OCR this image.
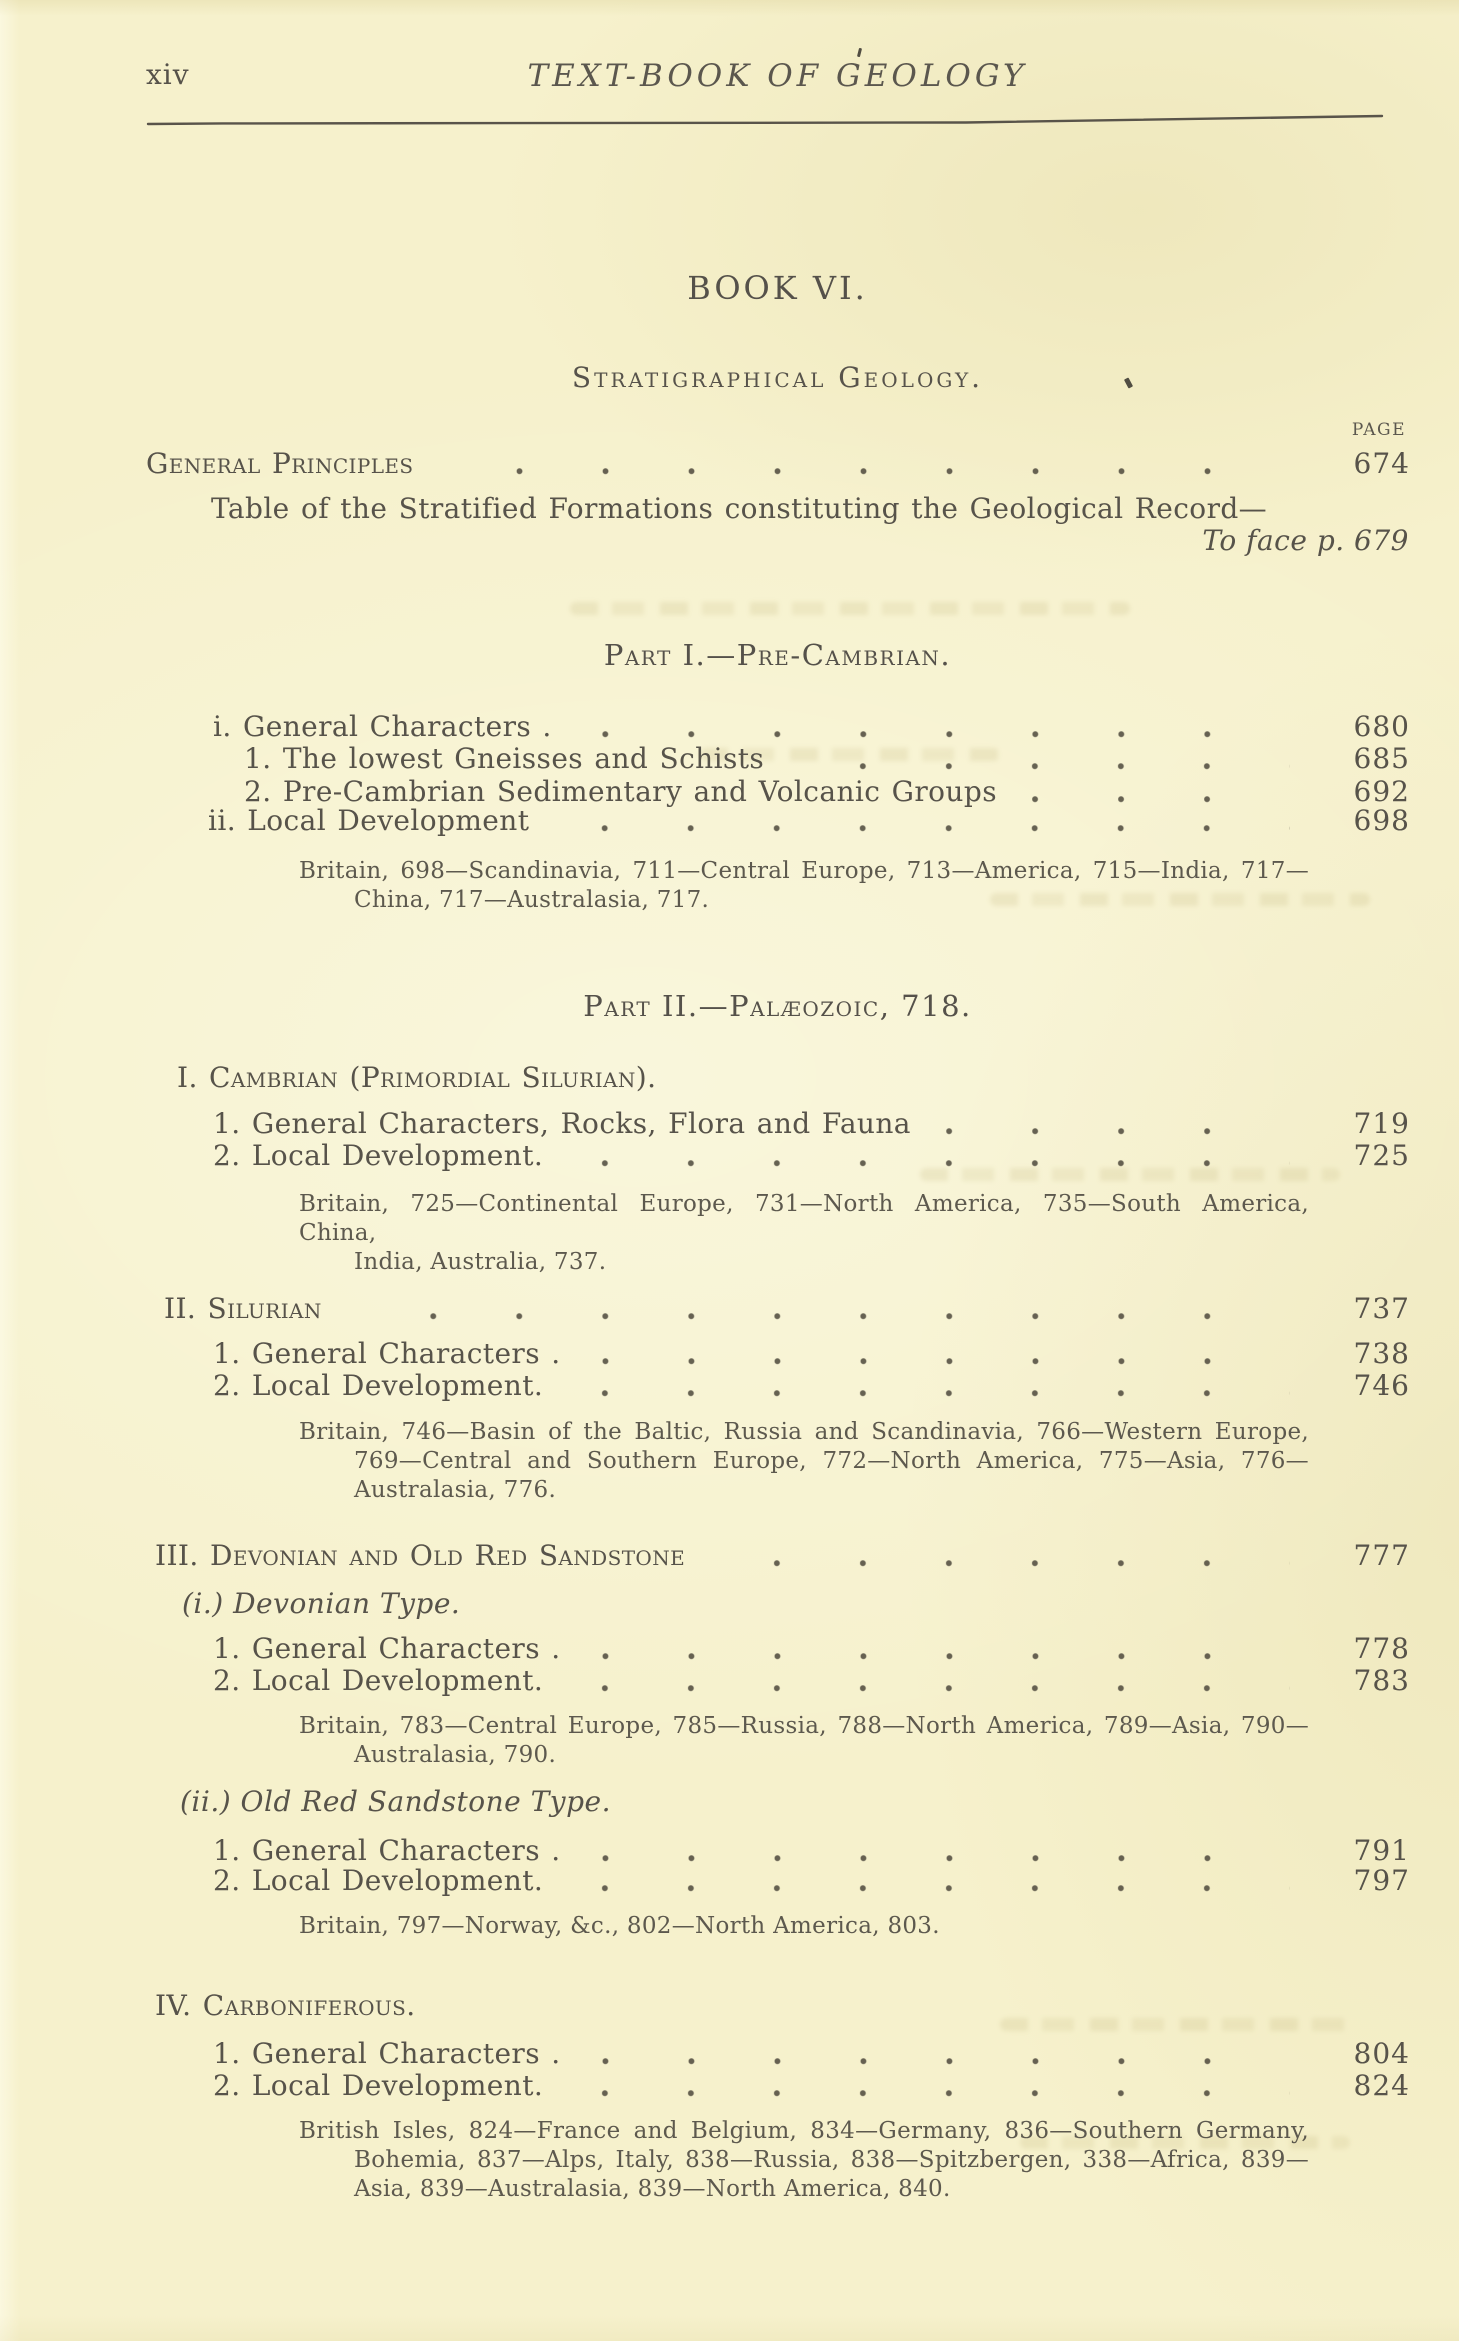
xiv	TEXT-BOOK OF GEOLOGY
BOOK VI.
Stratigraphical Geology.
PAGE
General Principles	674
Table of the Stratified Formations constituting the Geological Record—
To face p. 679
Part I.—Pre-Cambrian.
i. General Characters .	680
1. The lowest Gneisses and Schists	685
2. Pre-Cambrian Sedimentary and Volcanic Groups	692
ii. Local Development	698
Britain, 698—Scandinavia, 711—Central Europe, 713—America, 715—India, 717—
China, 717—Australasia, 717.
Part II.—Palæozoic, 718.
I. Cambrian (Primordial Silurian).
1. General Characters, Rocks, Flora and Fauna	719
2. Local Development.	725
Britain, 725—Continental Europe, 731—North America, 735—South America, China,
India, Australia, 737.
II. Silurian	737
1. General Characters .	738
2. Local Development.	746
Britain, 746—Basin of the Baltic, Russia and Scandinavia, 766—Western Europe,
769—Central and Southern Europe, 772—North America, 775—Asia, 776—
Australasia, 776.
III. Devonian and Old Red Sandstone	777
(i.) Devonian Type.
1. General Characters .	778
2. Local Development.	783
Britain, 783—Central Europe, 785—Russia, 788—North America, 789—Asia, 790—
Australasia, 790.
(ii.) Old Red Sandstone Type.
1. General Characters .	791
2. Local Development.	797
Britain, 797—Norway, &c., 802—North America, 803.
IV. Carboniferous.
1. General Characters .	804
2. Local Development.	824
British Isles, 824—France and Belgium, 834—Germany, 836—Southern Germany,
Bohemia, 837—Alps, Italy, 838—Russia, 838—Spitzbergen, 338—Africa, 839—
Asia, 839—Australasia, 839—North America, 840.
